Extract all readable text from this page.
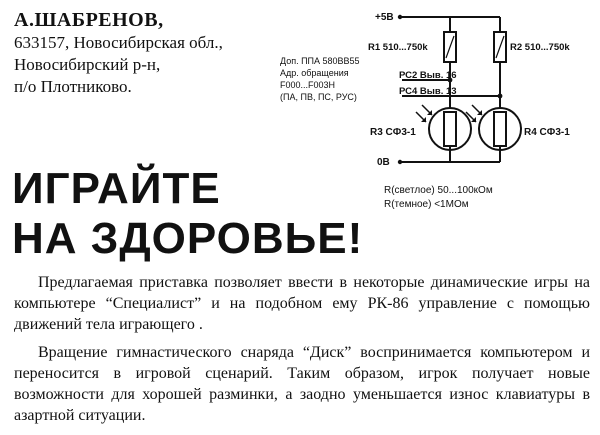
А.ШАБРЕНОВ,
633157, Новосибирская обл.,
Новосибирский р-н,
п/о Плотниково.
+5В
R1 510...750k	R2 510...750k
Доп. ППА 580ВВ55
Адр. обращения
F000...F003H
(ПА, ПВ, ПС, РУС)
РС2 Выв. 16
РС4 Выв. 13
R3 СФ3-1	R4 СФ3-1
0В
R(светлое) 50...100кОм
R(темное) <1МОм
ИГРАЙТЕ
НА ЗДОРОВЬЕ!

Предлагаемая приставка позволяет ввести в некоторые динамические игры на компьютере “Специалист” и на подобном ему РК-86 управление с помощью движений тела играющего .

Вращение гимнастического снаряда “Диск” воспринимается компьютером и переносится в игровой сценарий. Таким образом, игрок получает новые возможности для хорошей разминки, а заодно уменьшается износ клавиатуры в азартной ситуации.
